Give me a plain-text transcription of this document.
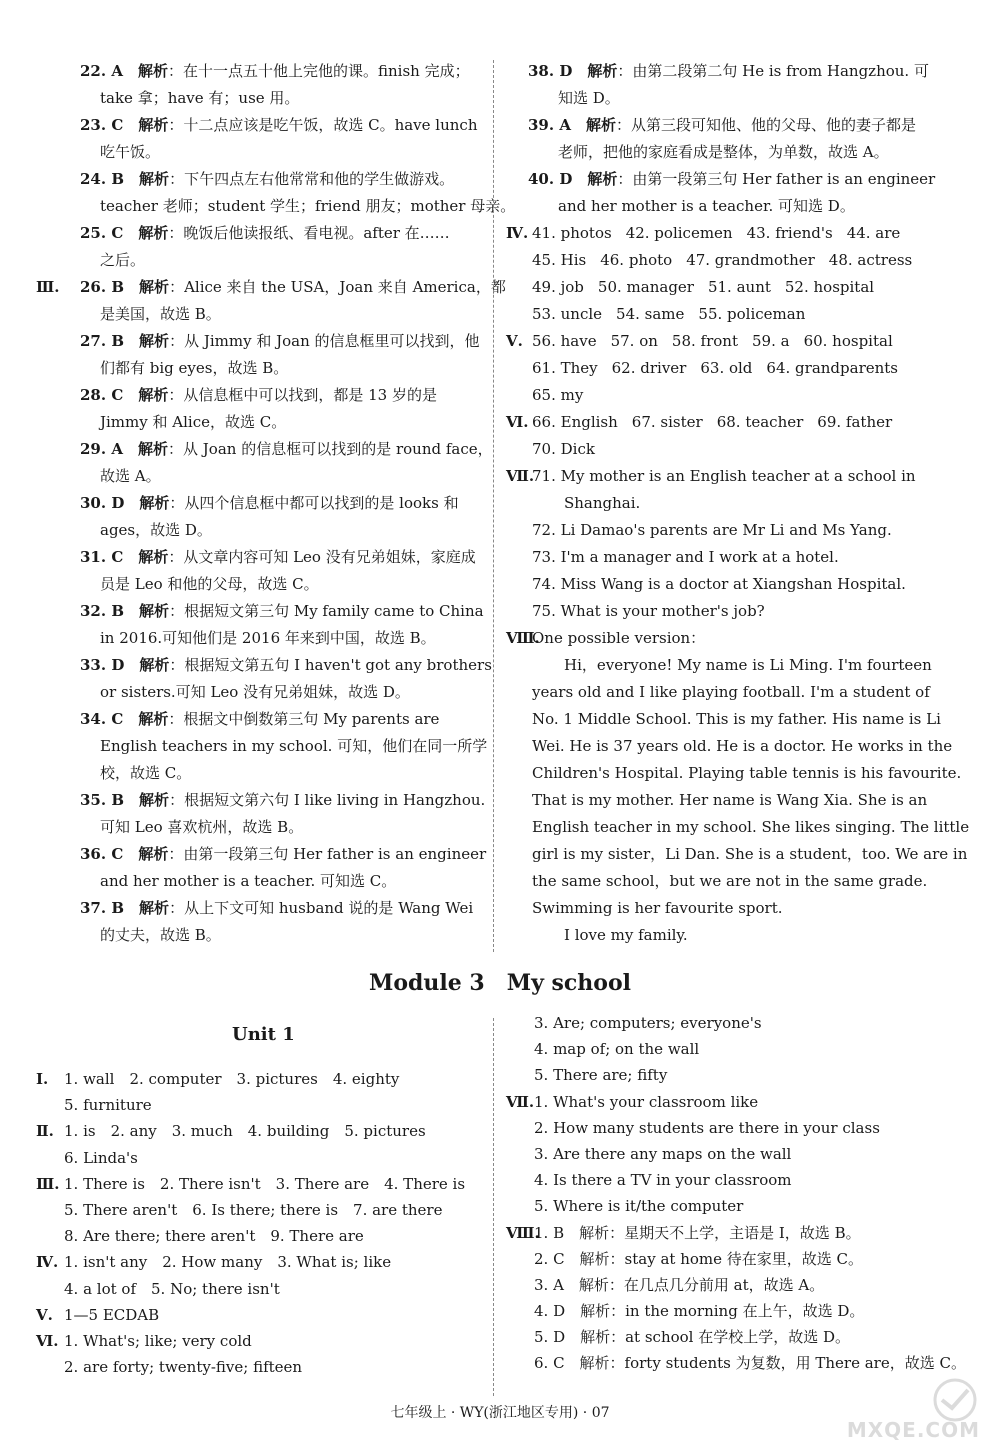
22. A　 解析：在十一点五十他上完他的课。finish 完成；
take 拿；have 有；use 用。
23. C　 解析：十二点应该是吃午饭，故选 C。have lunch
吃午饭。
24. B　 解析：下午四点左右他常常和他的学生做游戏。
teacher 老师；student 学生；friend 朋友；mother 母亲。
25. C　 解析：晚饭后他读报纸、看电视。after 在……
之后。
Ⅲ. 26. B　 解析：Alice 来自 the USA，Joan 来自 America，都
是美国，故选 B。
27. B　 解析：从 Jimmy 和 Joan 的信息框里可以找到，他
们都有 big eyes，故选 B。
28. C　 解析：从信息框中可以找到，都是 13 岁的是
Jimmy 和 Alice，故选 C。
29. A　 解析：从 Joan 的信息框可以找到的是 round face，
故选 A。
30. D　 解析：从四个信息框中都可以找到的是 looks 和
ages，故选 D。
31. C　 解析：从文章内容可知 Leo 没有兄弟姐妹，家庭成
员是 Leo 和他的父母，故选 C。
32. B　 解析：根据短文第三句 My family came to China
in 2016.可知他们是 2016 年来到中国，故选 B。
33. D　 解析：根据短文第五句 I haven't got any brothers
or sisters.可知 Leo 没有兄弟姐妹，故选 D。
34. C　 解析：根据文中倒数第三句 My parents are
English teachers in my school. 可知，他们在同一所学
校，故选 C。
35. B　 解析：根据短文第六句 I like living in Hangzhou.
可知 Leo 喜欢杭州，故选 B。
36. C　 解析：由第一段第三句 Her father is an engineer
and her mother is a teacher. 可知选 C。
37. B　 解析：从上下文可知 husband 说的是 Wang Wei
的丈夫，故选 B。
38. D　 解析：由第二段第二句 He is from Hangzhou. 可
知选 D。
39. A　 解析：从第三段可知他、他的父母、他的妻子都是
老师，把他的家庭看成是整体，为单数，故选 A。
40. D　 解析：由第一段第三句 Her father is an engineer
and her mother is a teacher. 可知选 D。
Ⅳ. 41. photos 42. policemen 43. friend's 44. are
45. His 46. photo 47. grandmother 48. actress
49. job 50. manager 51. aunt 52. hospital
53. uncle 54. same 55. policeman
Ⅴ. 56. have 57. on 58. front 59. a 60. hospital
61. They 62. driver 63. old 64. grandparents
65. my
Ⅵ. 66. English 67. sister 68. teacher 69. father
70. Dick
Ⅶ.
71. My mother is an English teacher at a school in
Shanghai.
72. Li Damao's parents are Mr Li and Ms Yang.
73. I'm a manager and I work at a hotel.
74. Miss Wang is a doctor at Xiangshan Hospital.
75. What is your mother's job?
Ⅷ.
One possible version：
Hi，everyone! My name is Li Ming. I'm fourteen
years old and I like playing football. I'm a student of
No. 1 Middle School. This is my father. His name is Li
Wei. He is 37 years old. He is a doctor. He works in the
Children's Hospital. Playing table tennis is his favourite.
That is my mother. Her name is Wang Xia. She is an
English teacher in my school. She likes singing. The little
girl is my sister，Li Dan. She is a student，too. We are in
the same school，but we are not in the same grade.
Swimming is her favourite sport.
I love my family.
Module 3　My school
Unit 1
Ⅰ. 1. wall　2. computer　3. pictures　4. eighty
5. furniture
Ⅱ. 1. is　2. any　3. much　4. building　5. pictures
6. Linda's
Ⅲ. 1. There is　2. There isn't　3. There are　4. There is
5. There aren't　6. Is there; there is　7. are there
8. Are there; there aren't　9. There are
Ⅳ. 1. isn't any　2. How many　3. What is; like
4. a lot of　5. No; there isn't
Ⅴ. 1—5 ECDAB
Ⅵ. 1. What's; like; very cold
2. are forty; twenty-five; fifteen
3. Are; computers; everyone's
4. map of; on the wall
5. There are; fifty
Ⅶ. 1. What's your classroom like
2. How many students are there in your class
3. Are there any maps on the wall
4. Is there a TV in your classroom
5. Where is it/the computer
Ⅷ.
1. B　解析：星期天不上学，主语是 I，故选 B。
2. C　解析：stay at home 待在家里，故选 C。
3. A　解析：在几点几分前用 at，故选 A。
4. D　解析：in the morning 在上午，故选 D。
5. D　解析：at school 在学校上学，故选 D。
6. C　解析：forty students 为复数，用 There are，故选 C。
七年级上 · WY(浙江地区专用) · 07
MXQE.COM
